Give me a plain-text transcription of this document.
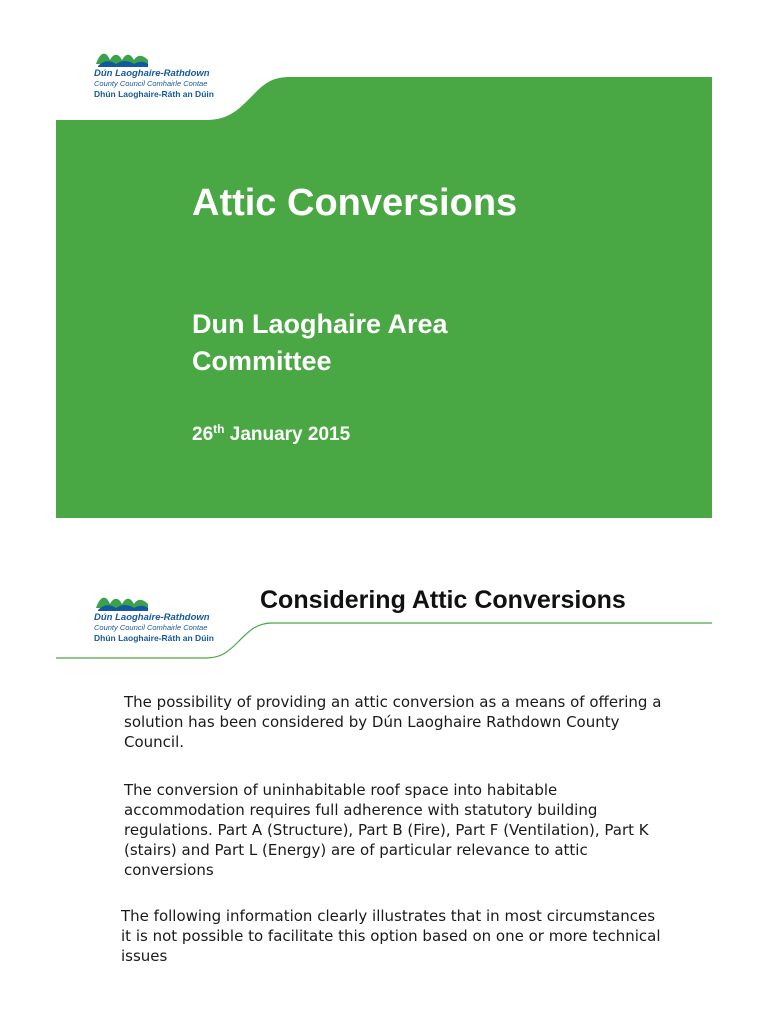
Dún Laoghaire-Rathdown
County Council Comhairle Contae
Dhún Laoghaire-Ráth an Dúin
Attic Conversions
Dun Laoghaire Area Committee
26th January 2015
Dún Laoghaire-Rathdown
County Council Comhairle Contae
Dhún Laoghaire-Ráth an Dúin
Considering Attic Conversions

The possibility of providing an attic conversion as a means of offering a solution has been considered by Dún Laoghaire Rathdown County Council.

The conversion of uninhabitable roof space into habitable accommodation requires full adherence with statutory building regulations. Part A (Structure), Part B (Fire), Part F (Ventilation), Part K (stairs) and Part L (Energy) are of particular relevance to attic conversions

The following information clearly illustrates that in most circumstances it is not possible to facilitate this option based on one or more technical issues
